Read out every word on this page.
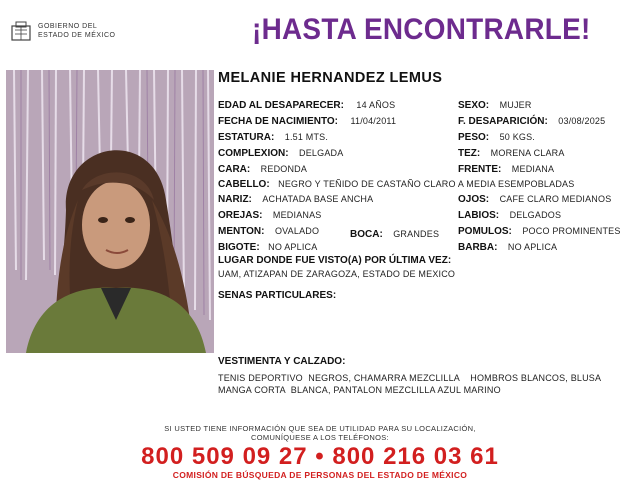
GOBIERNO DEL
ESTADO DE MÉXICO	¡HASTA ENCONTRARLE!
MELANIE HERNANDEZ LEMUS
EDAD AL DESAPARECER: 14 AÑOS
FECHA DE NACIMIENTO: 11/04/2011
ESTATURA: 1.51 MTS.
COMPLEXION: DELGADA
CARA: REDONDA
CABELLO: NEGRO Y TEÑIDO DE CASTAÑO CLARO A MEDIA ESEMPOBLADAS
NARIZ: ACHATADA BASE ANCHA
OREJAS: MEDIANAS
MENTON: OVALADO	BOCA: GRANDES
BIGOTE: NO APLICA
SEXO: MUJER
F. DESAPARICIÓN: 03/08/2025
PESO: 50 KGS.
TEZ: MORENA CLARA
FRENTE: MEDIANA
OJOS: CAFE CLARO MEDIANOS
LABIOS: DELGADOS
POMULOS: POCO PROMINENTES
BARBA: NO APLICA
LUGAR DONDE FUE VISTO(A) POR ÚLTIMA VEZ:
UAM, ATIZAPAN DE ZARAGOZA, ESTADO DE MEXICO
SENAS PARTICULARES:
VESTIMENTA Y CALZADO:
TENIS DEPORTIVO  NEGROS, CHAMARRA MEZCLILLA    HOMBROS BLANCOS, BLUSA
MANGA CORTA  BLANCA, PANTALON MEZCLILLA AZUL MARINO
SI USTED TIENE INFORMACIÓN QUE SEA DE UTILIDAD PARA SU LOCALIZACIÓN,
COMUNÍQUESE A LOS TELÉFONOS:
800 509 09 27 • 800 216 03 61
COMISIÓN DE BÚSQUEDA DE PERSONAS DEL ESTADO DE MÉXICO
